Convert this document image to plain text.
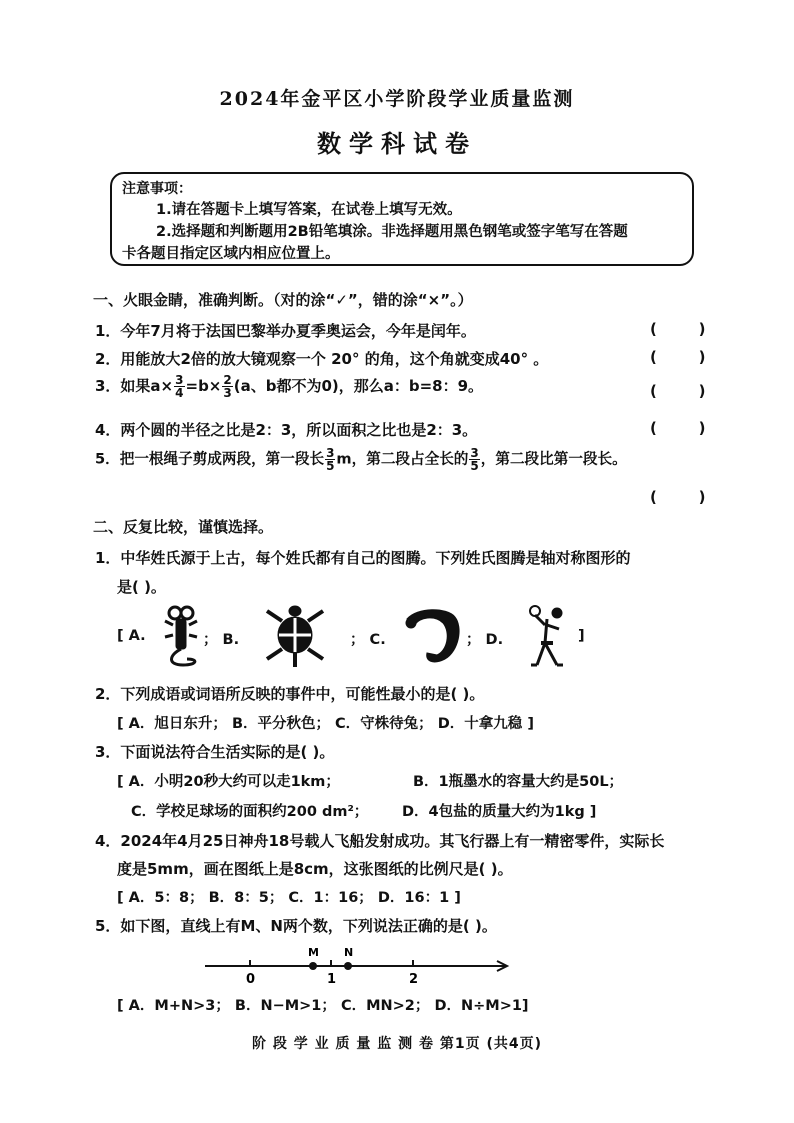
2024年金平区小学阶段学业质量监测
数学科试卷
注意事项：
1.请在答题卡上填写答案，在试卷上填写无效。
2.选择题和判断题用2B铅笔填涂。非选择题用黑色钢笔或签字笔写在答题
卡各题目指定区域内相应位置上。
一、火眼金睛，准确判断。（对的涂“✓”，错的涂“×”。）
1．今年7月将于法国巴黎举办夏季奥运会，今年是闰年。	(        )
2．用能放大2倍的放大镜观察一个 20° 的角，这个角就变成40° 。	(        )
3．如果$a\times \frac{3}{4} =b\times \frac{2}{3} (a$、b都不为0)，那么a：b=8：9。	(        )
4．两个圆的半径之比是2：3，所以面积之比也是2：3。	(        )
5．把一根绳子剪成两段，第一段长 $\frac{3}{5}$ m，第二段占全长的 $\frac{3}{5}$ ，第二段比第一段长。
(        )
二、反复比较，谨慎选择。
1．中华姓氏源于上古，每个姓氏都有自己的图腾。下列姓氏图腾是轴对称图形的
是( )。
[ A.	； B.	； C.	； D.	]
2．下列成语或词语所反映的事件中，可能性最小的是( )。
[ A．旭日东升； B．平分秋色； C．守株待兔； D．十拿九稳 ]
3．下面说法符合生活实际的是( )。
[ A．小明20秒大约可以走1km；	B．1瓶墨水的容量大约是50L；
C．学校足球场的面积约200 dm²； D．4包盐的质量大约为1kg ]
4．2024年4月25日神舟18号载人飞船发射成功。其飞行器上有一精密零件，实际长
度是5mm，画在图纸上是8cm，这张图纸的比例尺是( )。
[ A．5：8； B．8：5； C．1：16； D．16：1 ]
5．如下图，直线上有M、N两个数，下列说法正确的是( )。
M N
0	1	2
[ A．M+N>3； B．N−M>1； C．MN>2； D．N÷M>1]
阶 段 学 业 质 量 监 测 卷 第1页 (共4页)
